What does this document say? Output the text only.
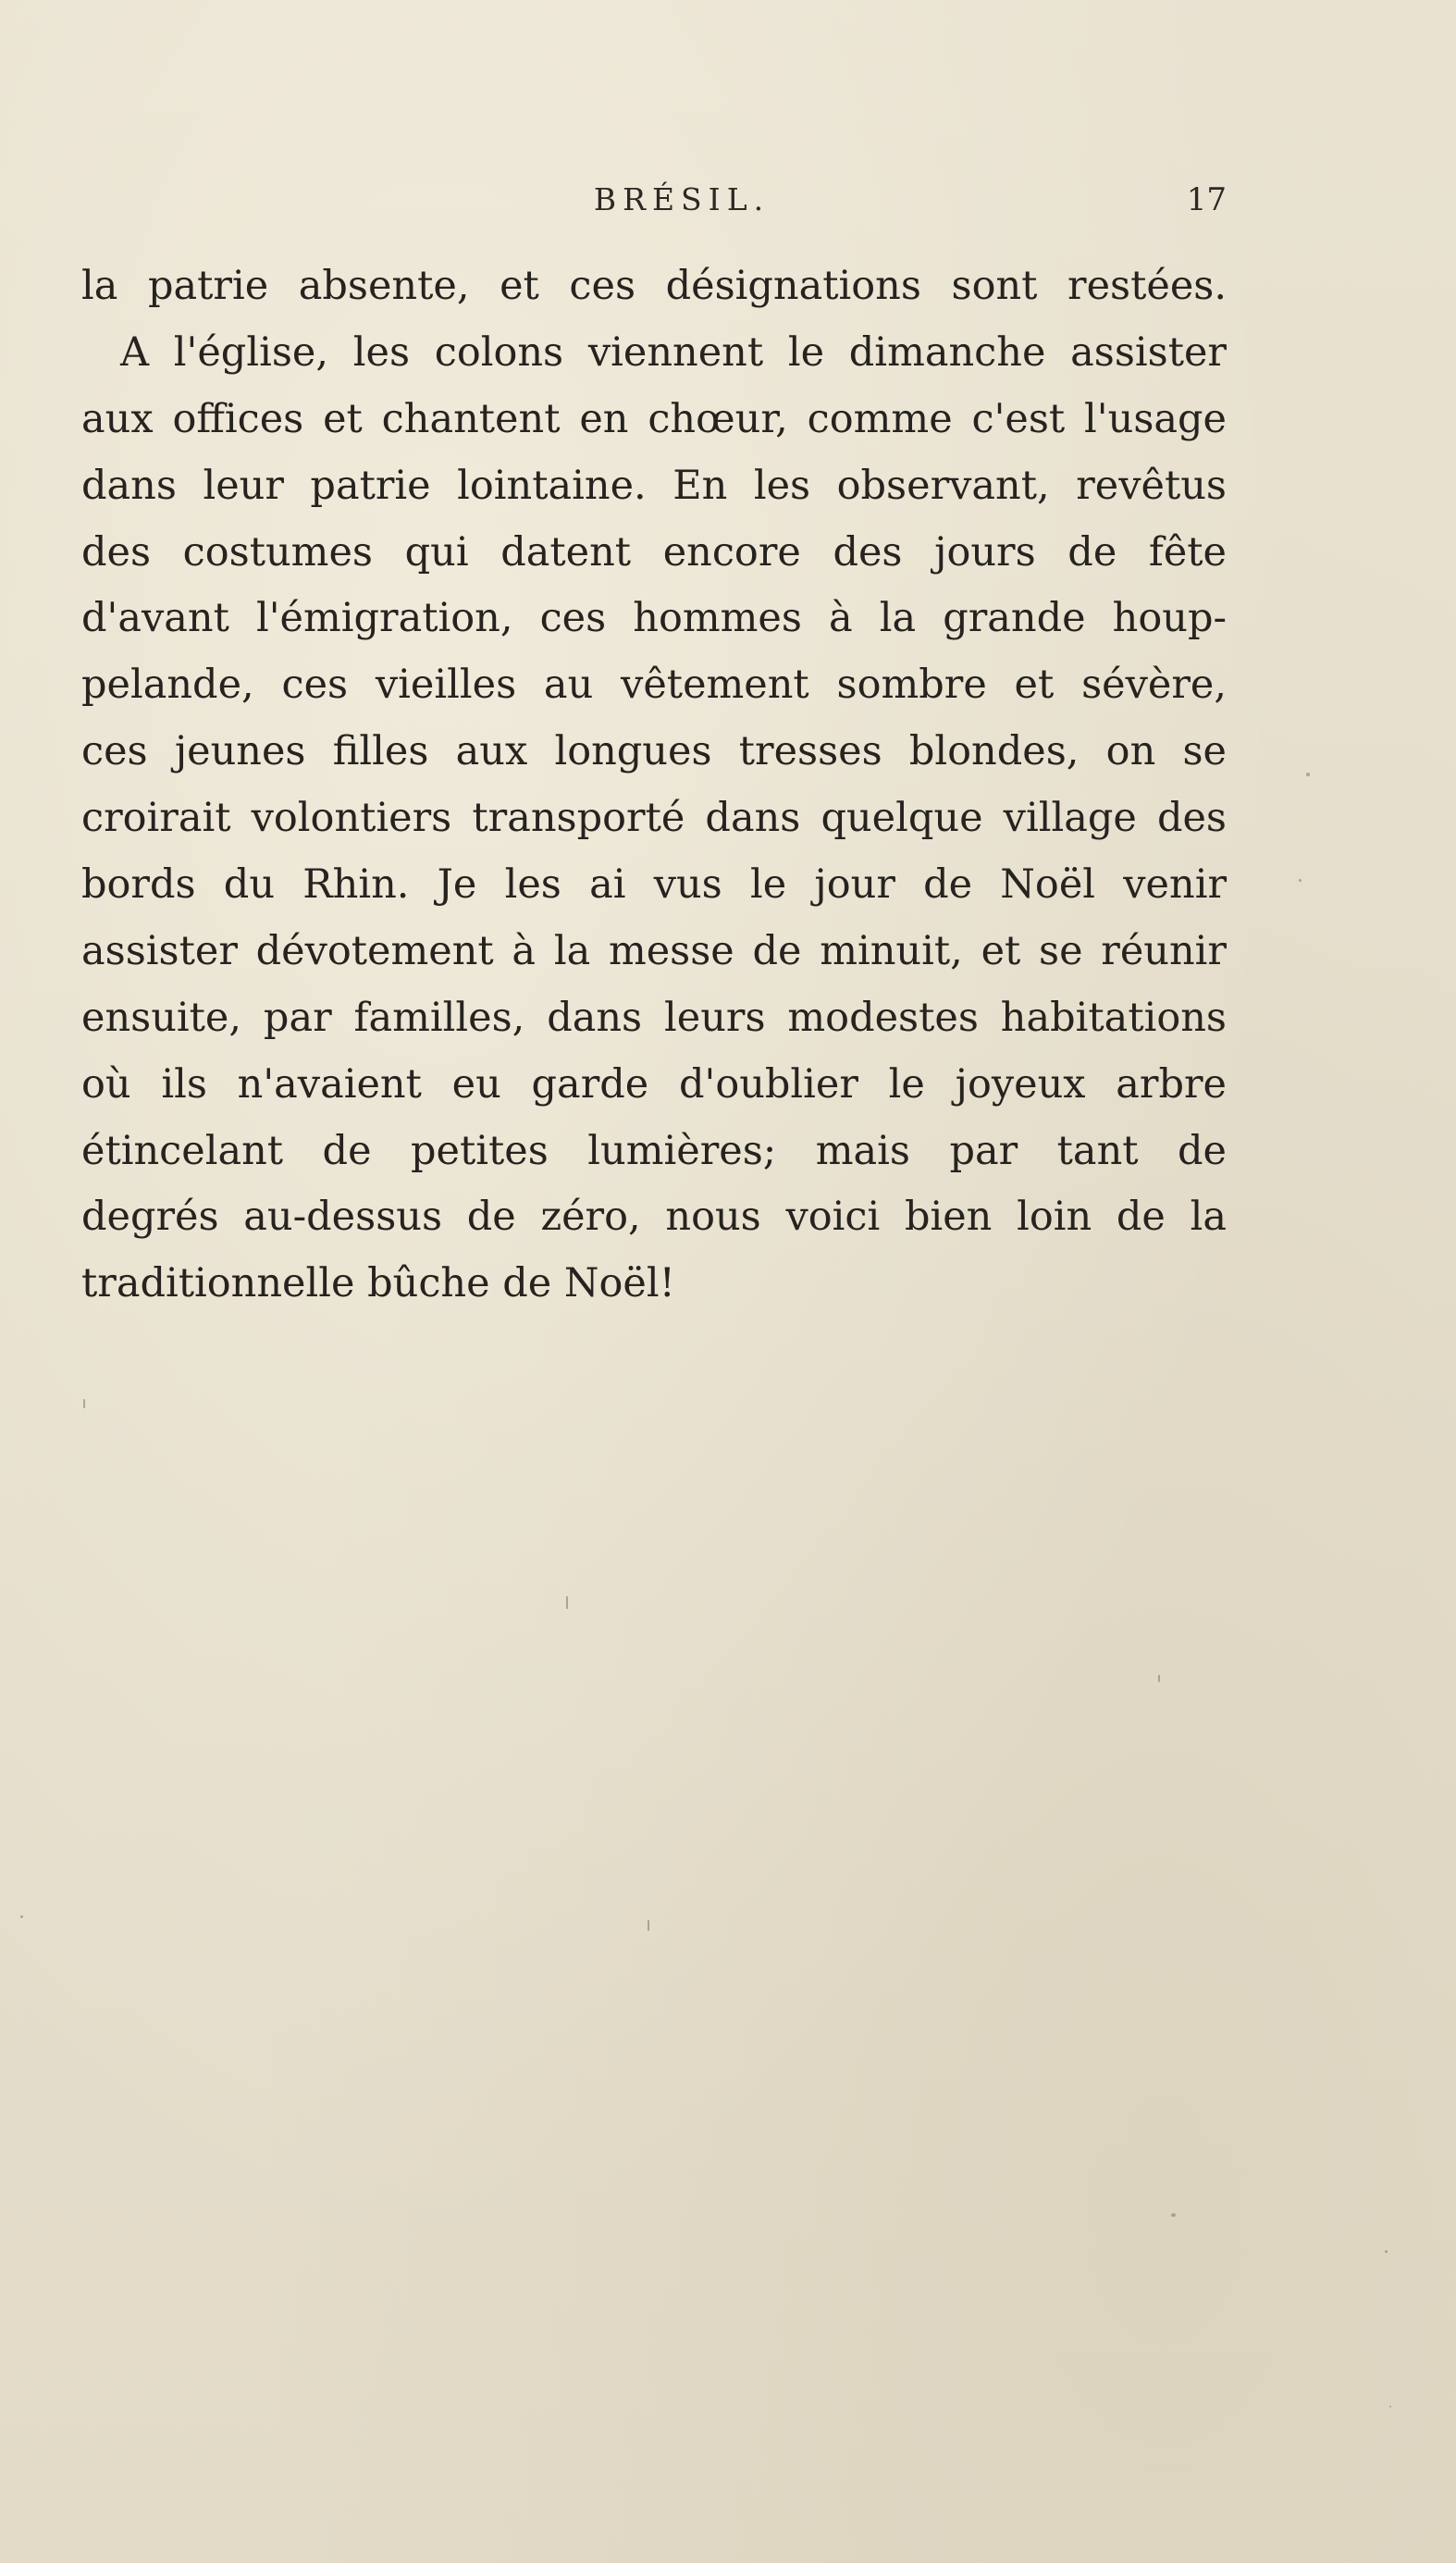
BRÉSIL.	17
la patrie absente, et ces désignations sont restées.
A l'église, les colons viennent le dimanche assister
aux offices et chantent en chœur, comme c'est l'usage
dans leur patrie lointaine. En les observant, revêtus
des costumes qui datent encore des jours de fête
d'avant l'émigration, ces hommes à la grande houp-
pelande, ces vieilles au vêtement sombre et sévère,
ces jeunes filles aux longues tresses blondes, on se
croirait volontiers transporté dans quelque village des
bords du Rhin. Je les ai vus le jour de Noël venir
assister dévotement à la messe de minuit, et se réunir
ensuite, par familles, dans leurs modestes habitations
où ils n'avaient eu garde d'oublier le joyeux arbre
étincelant de petites lumières; mais par tant de
degrés au-dessus de zéro, nous voici bien loin de la
traditionnelle bûche de Noël!
